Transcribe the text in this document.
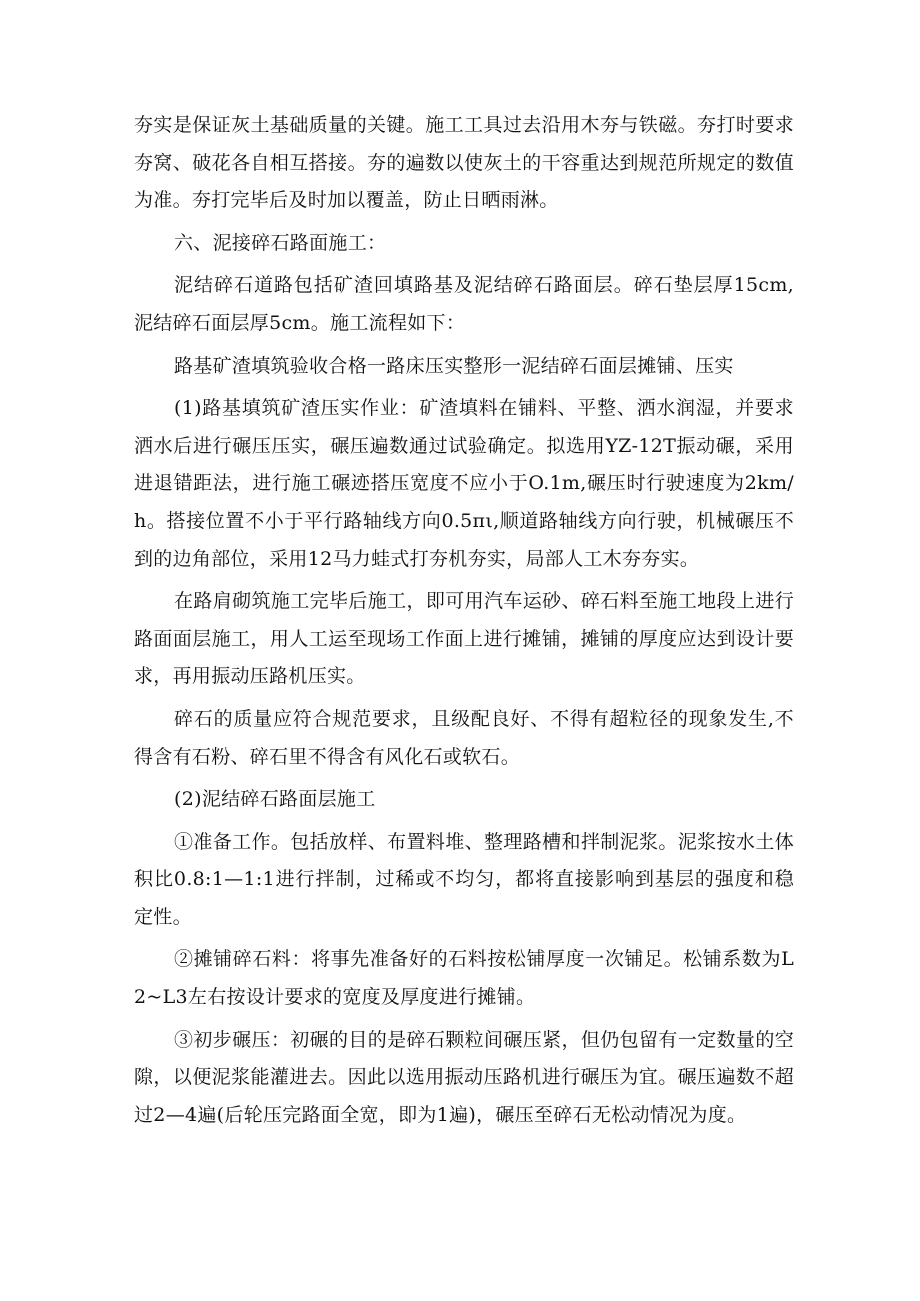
夯实是保证灰土基础质量的关键。施工工具过去沿用木夯与铁磁。夯打时要求夯窝、破花各自相互搭接。夯的遍数以使灰土的干容重达到规范所规定的数值为准。夯打完毕后及时加以覆盖，防止日晒雨淋。

六、泥接碎石路面施工：

泥结碎石道路包括矿渣回填路基及泥结碎石路面层。碎石垫层厚15cm,泥结碎石面层厚5cm。施工流程如下：

路基矿渣填筑验收合格一路床压实整形一泥结碎石面层摊铺、压实

(1)路基填筑矿渣压实作业：矿渣填料在铺料、平整、洒水润湿，并要求洒水后进行碾压压实，碾压遍数通过试验确定。拟选用YZ-12T振动碾，采用进退错距法，进行施工碾迹搭压宽度不应小于O.1m,碾压时行驶速度为2km/h。搭接位置不小于平行路轴线方向0.5πι,顺道路轴线方向行驶，机械碾压不到的边角部位，采用12马力蛙式打夯机夯实，局部人工木夯夯实。

在路肩砌筑施工完毕后施工，即可用汽车运砂、碎石料至施工地段上进行路面面层施工，用人工运至现场工作面上进行摊铺，摊铺的厚度应达到设计要求，再用振动压路机压实。

碎石的质量应符合规范要求，且级配良好、不得有超粒径的现象发生,不得含有石粉、碎石里不得含有风化石或软石。

(2)泥结碎石路面层施工

①准备工作。包括放样、布置料堆、整理路槽和拌制泥浆。泥浆按水土体积比0.8:1—1:1进行拌制，过稀或不均匀，都将直接影响到基层的强度和稳定性。

②摊铺碎石料：将事先准备好的石料按松铺厚度一次铺足。松铺系数为L2~L3左右按设计要求的宽度及厚度进行摊铺。

③初步碾压：初碾的目的是碎石颗粒间碾压紧，但仍包留有一定数量的空隙，以便泥浆能灌进去。因此以选用振动压路机进行碾压为宜。碾压遍数不超过2—4遍(后轮压完路面全宽，即为1遍)，碾压至碎石无松动情况为度。
